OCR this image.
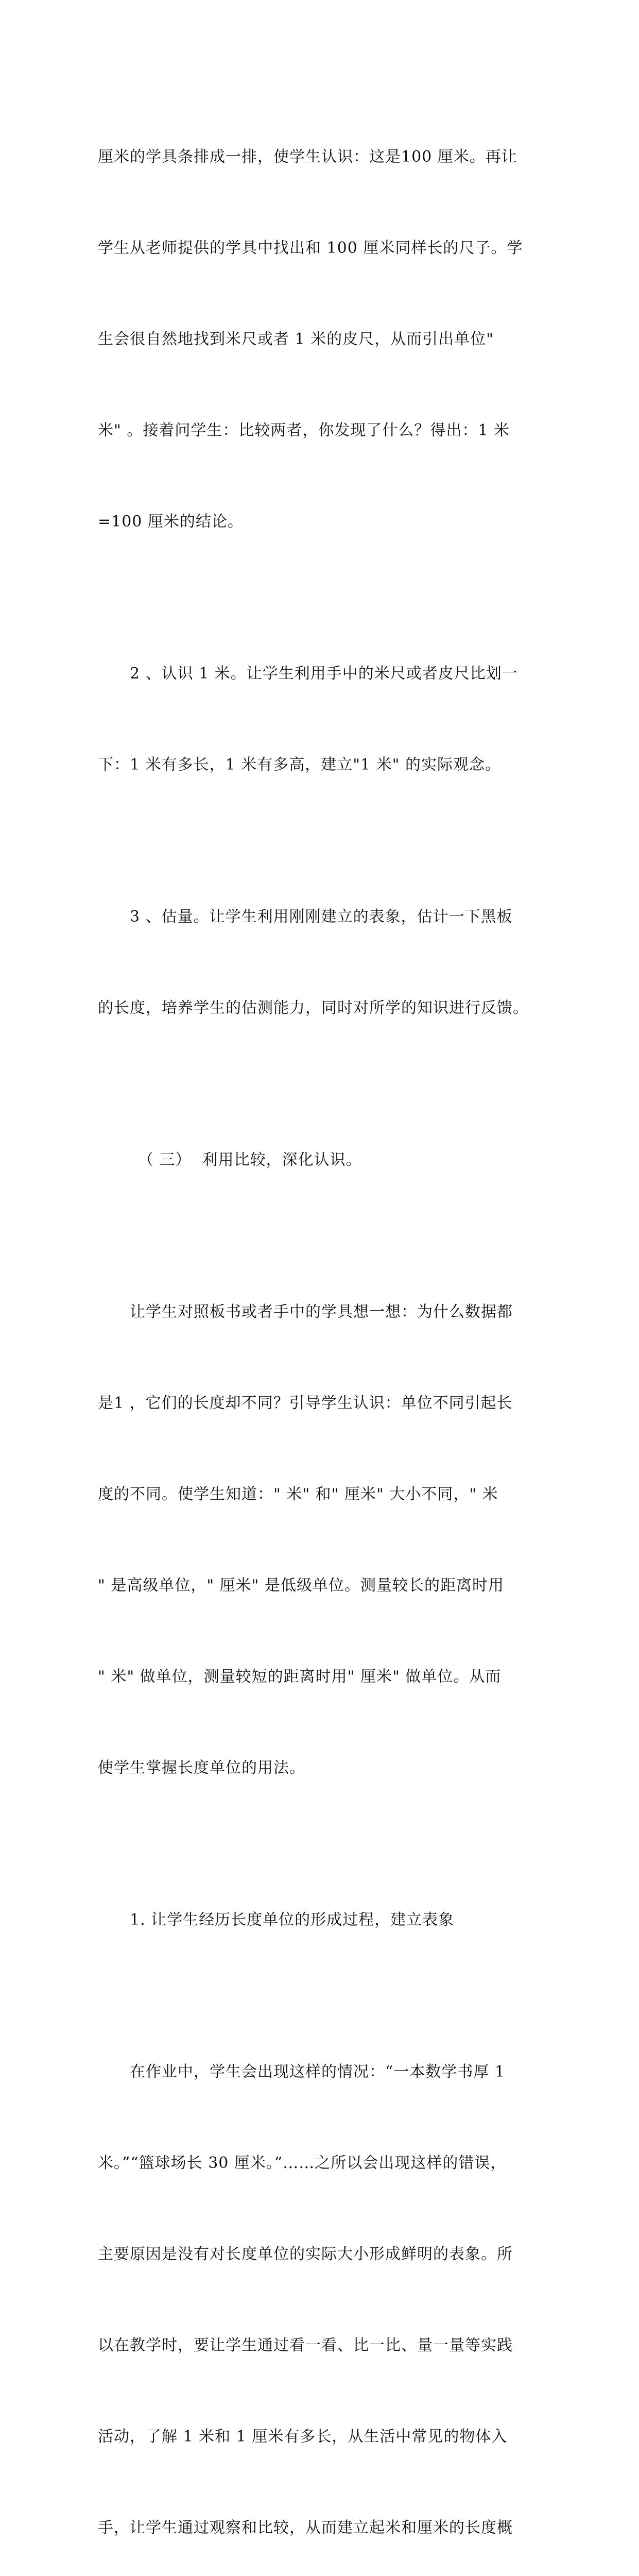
厘米的学具条排成一排，使学生认识：这是100 厘米。再让

学生从老师提供的学具中找出和 100 厘米同样长的尺子。学

生会很自然地找到米尺或者 1 米的皮尺，从而引出单位"

米" 。接着问学生：比较两者，你发现了什么？得出：1 米

=100 厘米的结论。

2 、认识 1 米。让学生利用手中的米尺或者皮尺比划一

下：1 米有多长，1 米有多高，建立"1 米" 的实际观念。

3 、估量。让学生利用刚刚建立的表象，估计一下黑板

的长度，培养学生的估测能力，同时对所学的知识进行反馈。

（ 三）  利用比较，深化认识。

让学生对照板书或者手中的学具想一想：为什么数据都

是1 ，它们的长度却不同？引导学生认识：单位不同引起长

度的不同。使学生知道：" 米" 和" 厘米" 大小不同，" 米

" 是高级单位，" 厘米" 是低级单位。测量较长的距离时用

" 米" 做单位，测量较短的距离时用" 厘米" 做单位。从而

使学生掌握长度单位的用法。

1. 让学生经历长度单位的形成过程，建立表象

在作业中，学生会出现这样的情况：“一本数学书厚 1

米。”“篮球场长 30 厘米。”……之所以会出现这样的错误，

主要原因是没有对长度单位的实际大小形成鲜明的表象。所

以在教学时，要让学生通过看一看、比一比、量一量等实践

活动，了解 1 米和 1 厘米有多长，从生活中常见的物体入

手，让学生通过观察和比较，从而建立起米和厘米的长度概
